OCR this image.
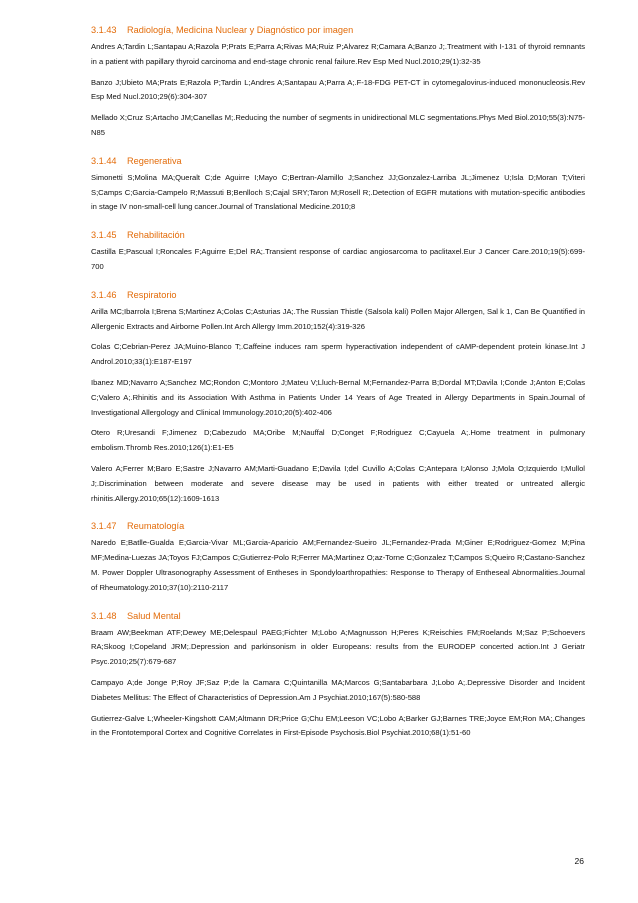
3.1.43 Radiología, Medicina Nuclear y Diagnóstico por imagen

Andres A;Tardin L;Santapau A;Razola P;Prats E;Parra A;Rivas MA;Ruiz P;Alvarez R;Camara A;Banzo J;.Treatment with I-131 of thyroid remnants in a patient with papillary thyroid carcinoma and end-stage chronic renal failure.Rev Esp Med Nucl.2010;29(1):32-35

Banzo J;Ubieto MA;Prats E;Razola P;Tardin L;Andres A;Santapau A;Parra A;.F-18-FDG PET-CT in cytomegalovirus-induced mononucleosis.Rev Esp Med Nucl.2010;29(6):304-307

Mellado X;Cruz S;Artacho JM;Canellas M;.Reducing the number of segments in unidirectional MLC segmentations.Phys Med Biol.2010;55(3):N75-N85

3.1.44 Regenerativa

Simonetti S;Molina MA;Queralt C;de Aguirre I;Mayo C;Bertran-Alamillo J;Sanchez JJ;Gonzalez-Larriba JL;Jimenez U;Isla D;Moran T;Viteri S;Camps C;Garcia-Campelo R;Massuti B;Benlloch S;Cajal SRY;Taron M;Rosell R;.Detection of EGFR mutations with mutation-specific antibodies in stage IV non-small-cell lung cancer.Journal of Translational Medicine.2010;8

3.1.45 Rehabilitación

Castilla E;Pascual I;Roncales F;Aguirre E;Del RA;.Transient response of cardiac angiosarcoma to paclitaxel.Eur J Cancer Care.2010;19(5):699-700

3.1.46 Respiratorio

Arilla MC;Ibarrola I;Brena S;Martinez A;Colas C;Asturias JA;.The Russian Thistle (Salsola kali) Pollen Major Allergen, Sal k 1, Can Be Quantified in Allergenic Extracts and Airborne Pollen.Int Arch Allergy Imm.2010;152(4):319-326

Colas C;Cebrian-Perez JA;Muino-Blanco T;.Caffeine induces ram sperm hyperactivation independent of cAMP-dependent protein kinase.Int J Androl.2010;33(1):E187-E197

Ibanez MD;Navarro A;Sanchez MC;Rondon C;Montoro J;Mateu V;Lluch-Bernal M;Fernandez-Parra B;Dordal MT;Davila I;Conde J;Anton E;Colas C;Valero A;.Rhinitis and its Association With Asthma in Patients Under 14 Years of Age Treated in Allergy Departments in Spain.Journal of Investigational Allergology and Clinical Immunology.2010;20(5):402-406

Otero R;Uresandi F;Jimenez D;Cabezudo MA;Oribe M;Nauffal D;Conget F;Rodriguez C;Cayuela A;.Home treatment in pulmonary embolism.Thromb Res.2010;126(1):E1-E5

Valero A;Ferrer M;Baro E;Sastre J;Navarro AM;Marti-Guadano E;Davila I;del Cuvillo A;Colas C;Antepara I;Alonso J;Mola O;Izquierdo I;Mullol J;.Discrimination between moderate and severe disease may be used in patients with either treated or untreated allergic rhinitis.Allergy.2010;65(12):1609-1613

3.1.47 Reumatología

Naredo E;Batlle-Gualda E;Garcia-Vivar ML;Garcia-Aparicio AM;Fernandez-Sueiro JL;Fernandez-Prada M;Giner E;Rodriguez-Gomez M;Pina MF;Medina-Luezas JA;Toyos FJ;Campos C;Gutierrez-Polo R;Ferrer MA;Martinez O;az-Torne C;Gonzalez T;Campos S;Queiro R;Castano-Sanchez M. Power Doppler Ultrasonography Assessment of Entheses in Spondyloarthropathies: Response to Therapy of Entheseal Abnormalities.Journal of Rheumatology.2010;37(10):2110-2117

3.1.48 Salud Mental

Braam AW;Beekman ATF;Dewey ME;Delespaul PAEG;Fichter M;Lobo A;Magnusson H;Peres K;Reischies FM;Roelands M;Saz P;Schoevers RA;Skoog I;Copeland JRM;.Depression and parkinsonism in older Europeans: results from the EURODEP concerted action.Int J Geriatr Psyc.2010;25(7):679-687

Campayo A;de Jonge P;Roy JF;Saz P;de la Camara C;Quintanilla MA;Marcos G;Santabarbara J;Lobo A;.Depressive Disorder and Incident Diabetes Mellitus: The Effect of Characteristics of Depression.Am J Psychiat.2010;167(5):580-588

Gutierrez-Galve L;Wheeler-Kingshott CAM;Altmann DR;Price G;Chu EM;Leeson VC;Lobo A;Barker GJ;Barnes TRE;Joyce EM;Ron MA;.Changes in the Frontotemporal Cortex and Cognitive Correlates in First-Episode Psychosis.Biol Psychiat.2010;68(1):51-60

26
